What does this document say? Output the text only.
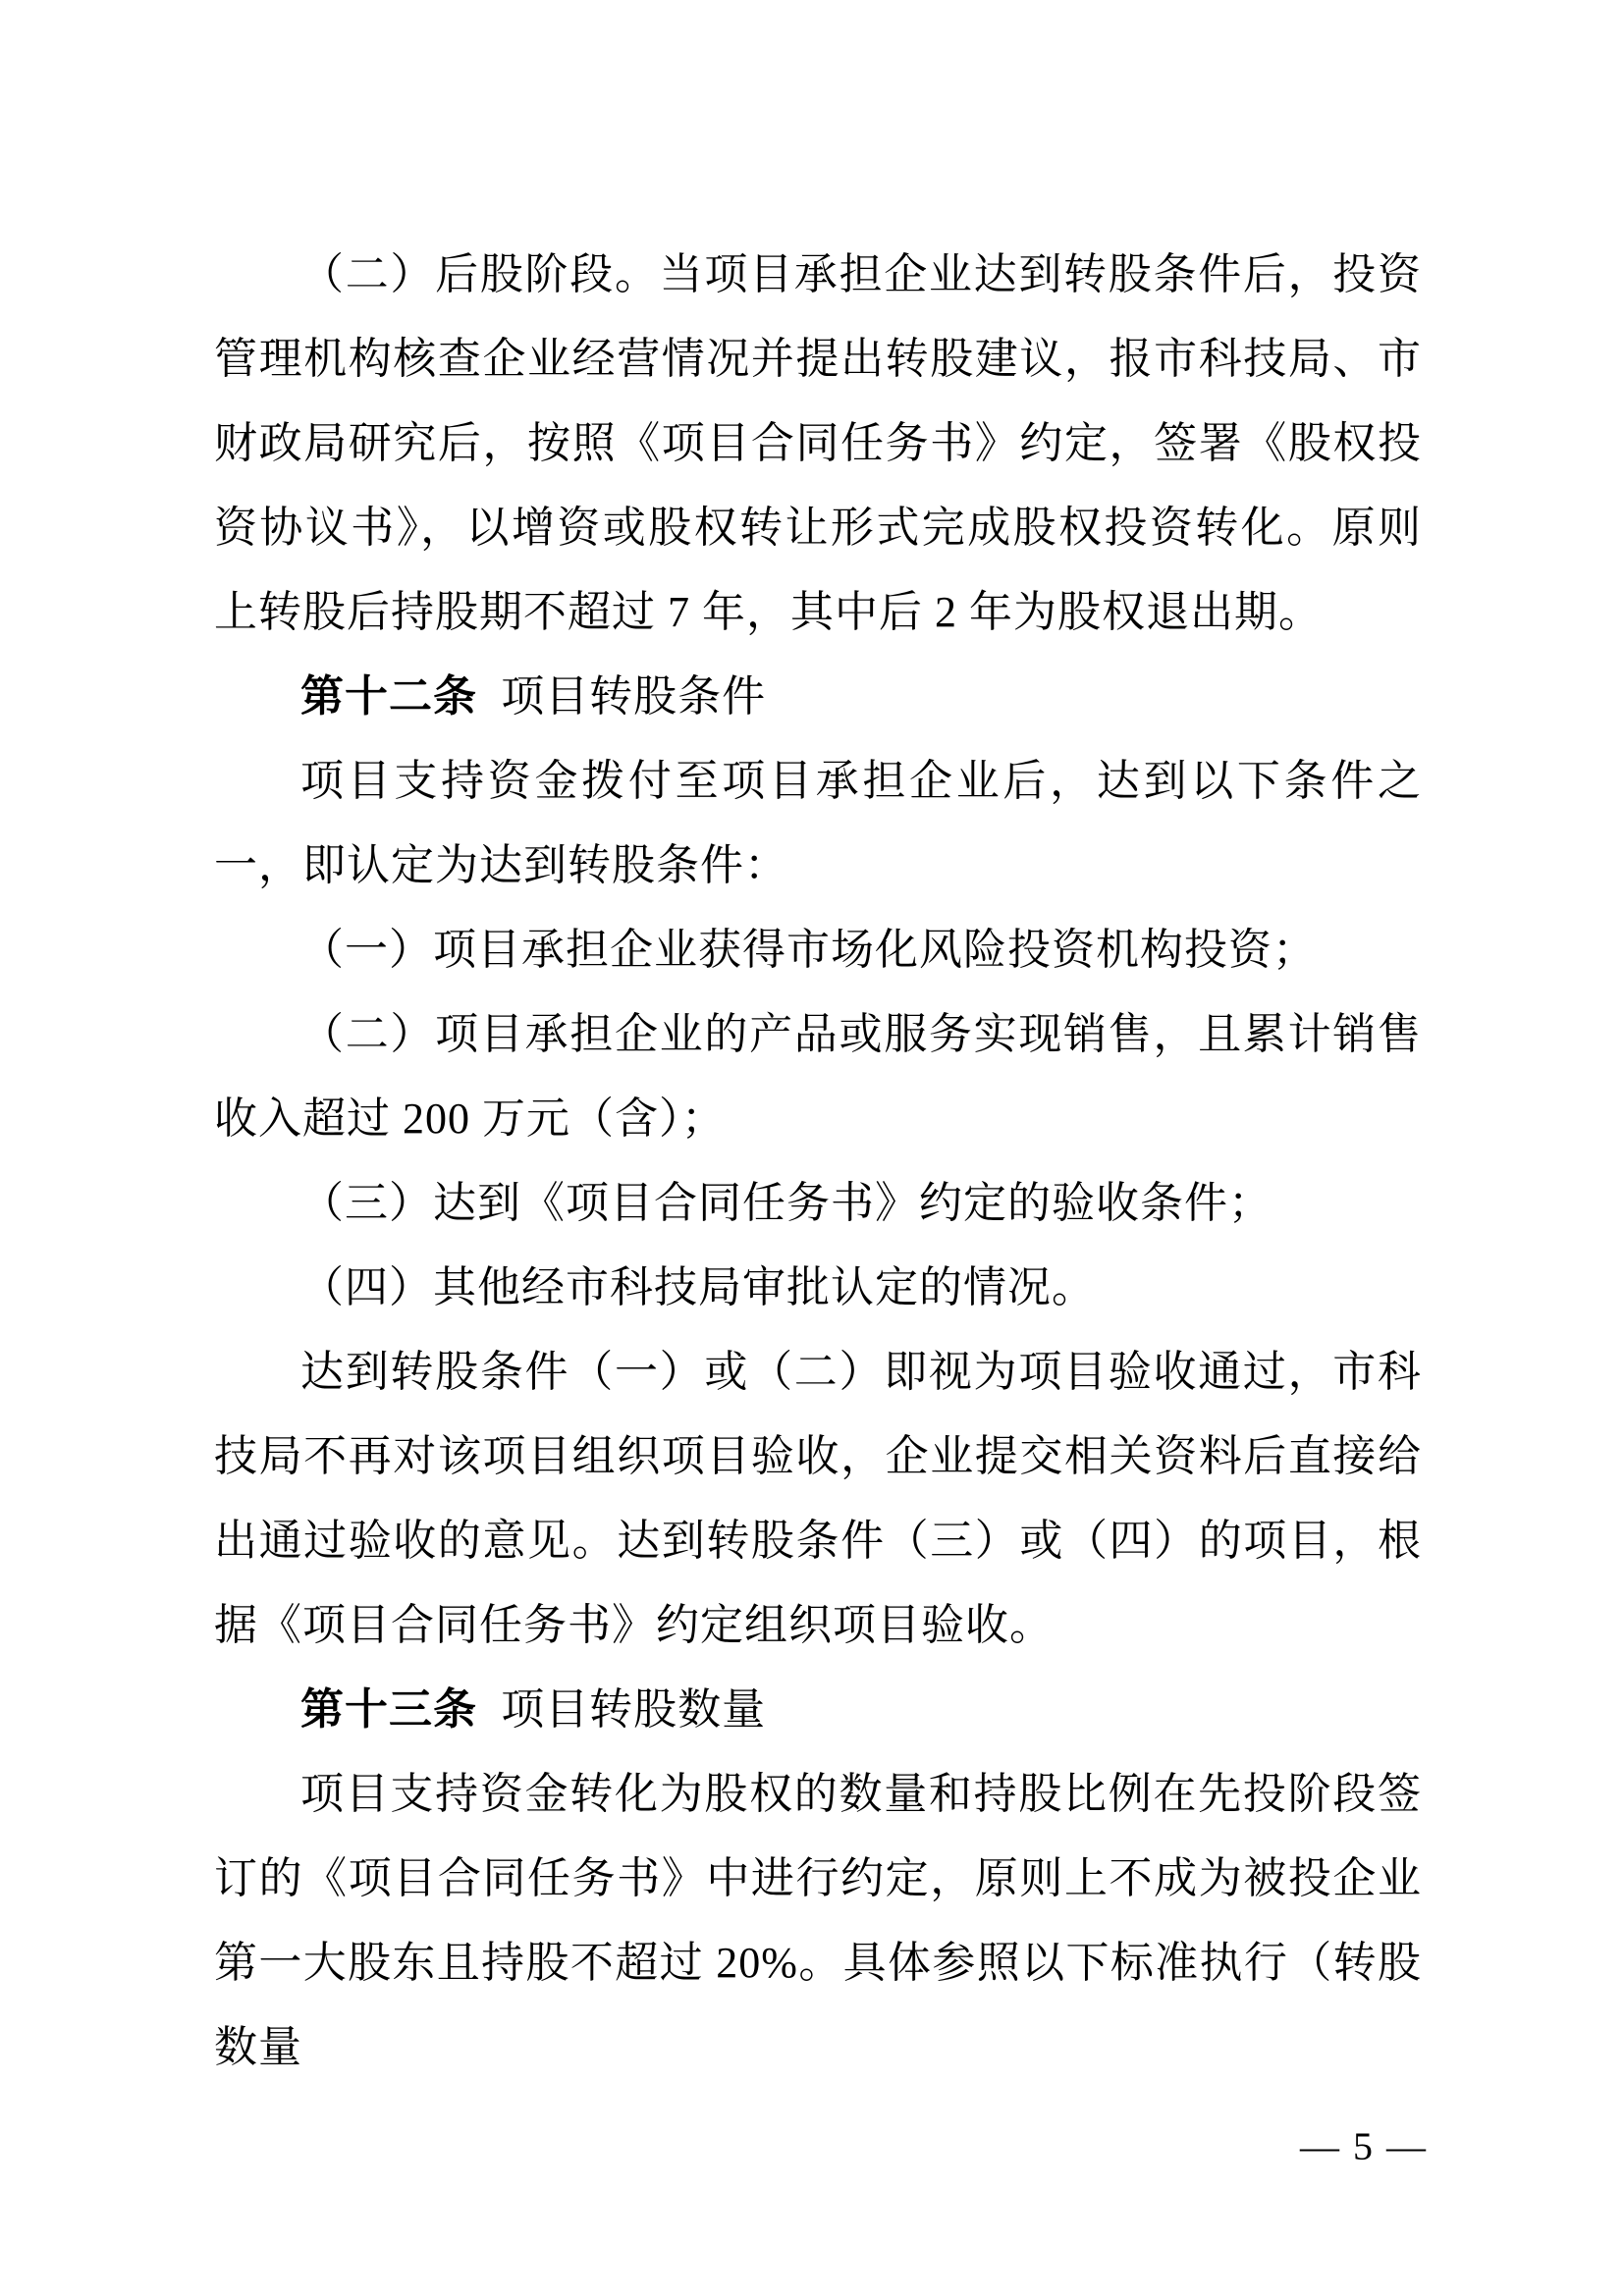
（二）后股阶段。当项目承担企业达到转股条件后，投资管理机构核查企业经营情况并提出转股建议，报市科技局、市财政局研究后，按照《项目合同任务书》约定，签署《股权投资协议书》，以增资或股权转让形式完成股权投资转化。原则上转股后持股期不超过 7 年，其中后 2 年为股权退出期。

第十二条 项目转股条件

项目支持资金拨付至项目承担企业后，达到以下条件之一，即认定为达到转股条件：

（一）项目承担企业获得市场化风险投资机构投资；

（二）项目承担企业的产品或服务实现销售，且累计销售收入超过 200 万元（含）；

（三）达到《项目合同任务书》约定的验收条件；

（四）其他经市科技局审批认定的情况。

达到转股条件（一）或（二）即视为项目验收通过，市科技局不再对该项目组织项目验收，企业提交相关资料后直接给出通过验收的意见。达到转股条件（三）或（四）的项目，根据《项目合同任务书》约定组织项目验收。

第十三条 项目转股数量

项目支持资金转化为股权的数量和持股比例在先投阶段签订的《项目合同任务书》中进行约定，原则上不成为被投企业第一大股东且持股不超过 20%。具体参照以下标准执行（转股数量

— 5 —
